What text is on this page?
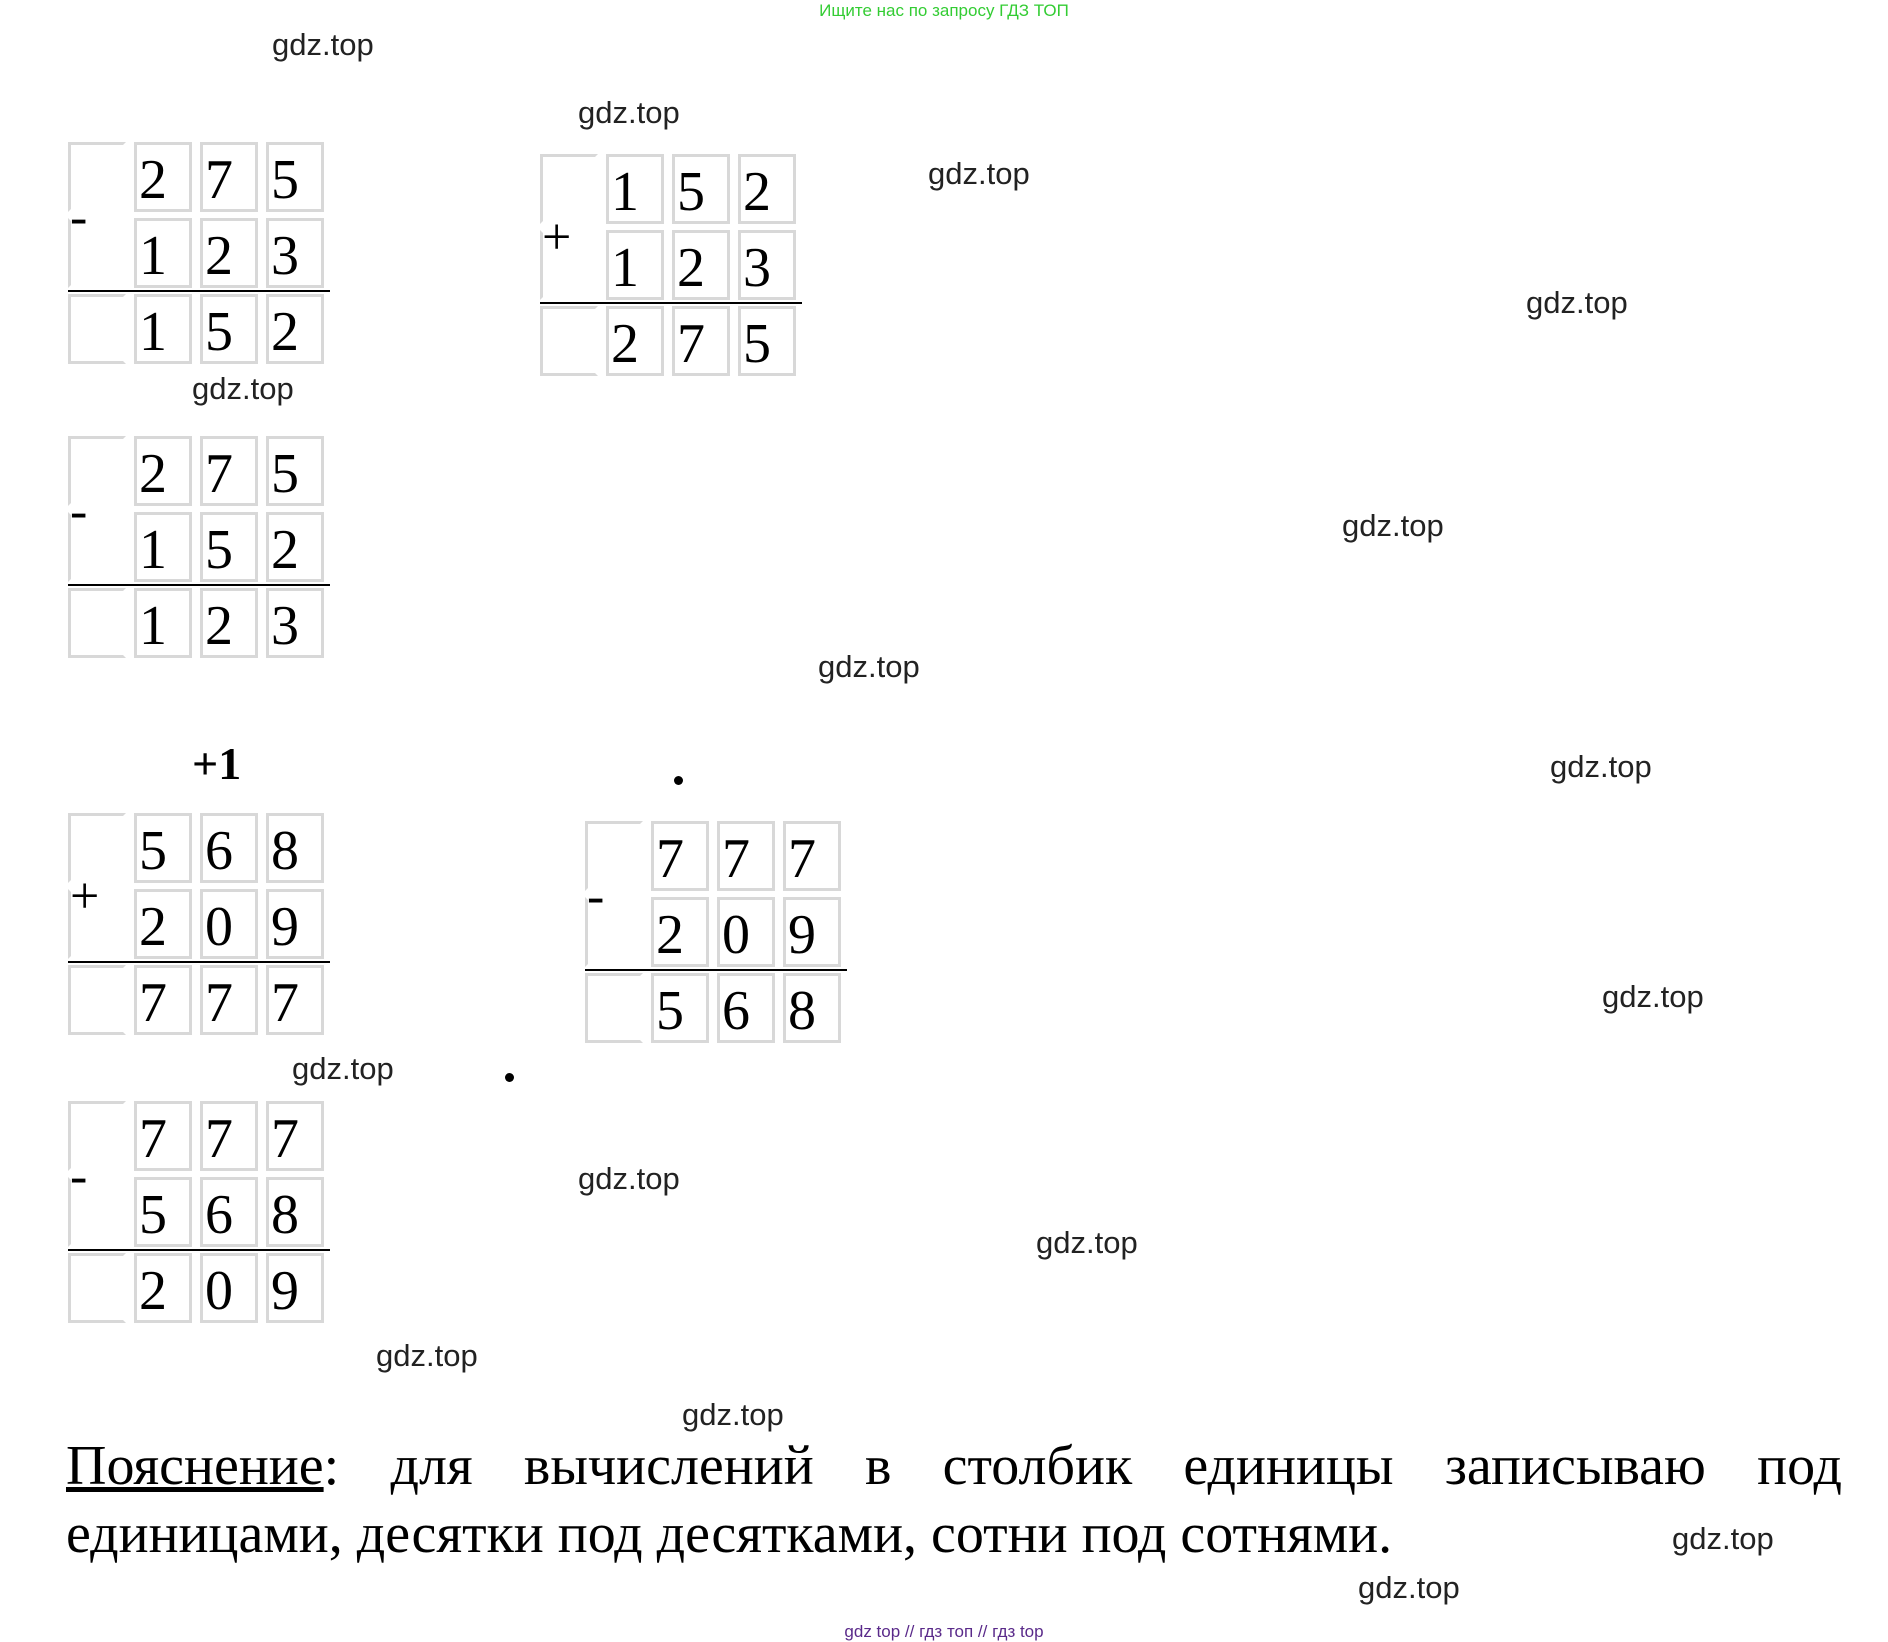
Ищите нас по запросу ГДЗ ТОП
gdz.top
gdz.top
gdz.top
gdz.top
gdz.top
gdz.top
gdz.top
gdz.top
gdz.top
gdz.top
gdz.top
gdz.top
gdz.top
gdz.top
gdz.top
gdz.top
2 7 5
1 2 3
1 5 2
-	1 5 2
1 2 3
2 7 5
+
2 7 5
1 5 2
1 2 3
-
5 6 8
2 0 9
7 7 7
+
+1
7 7 7
2 0 9
5 6 8
-
7 7 7
5 6 8
2 0 9
-
Пояснение: для вычислений в столбик единицы записываю под единицами, десятки под десятками, сотни под сотнями.
gdz top // гдз топ // гдз top
